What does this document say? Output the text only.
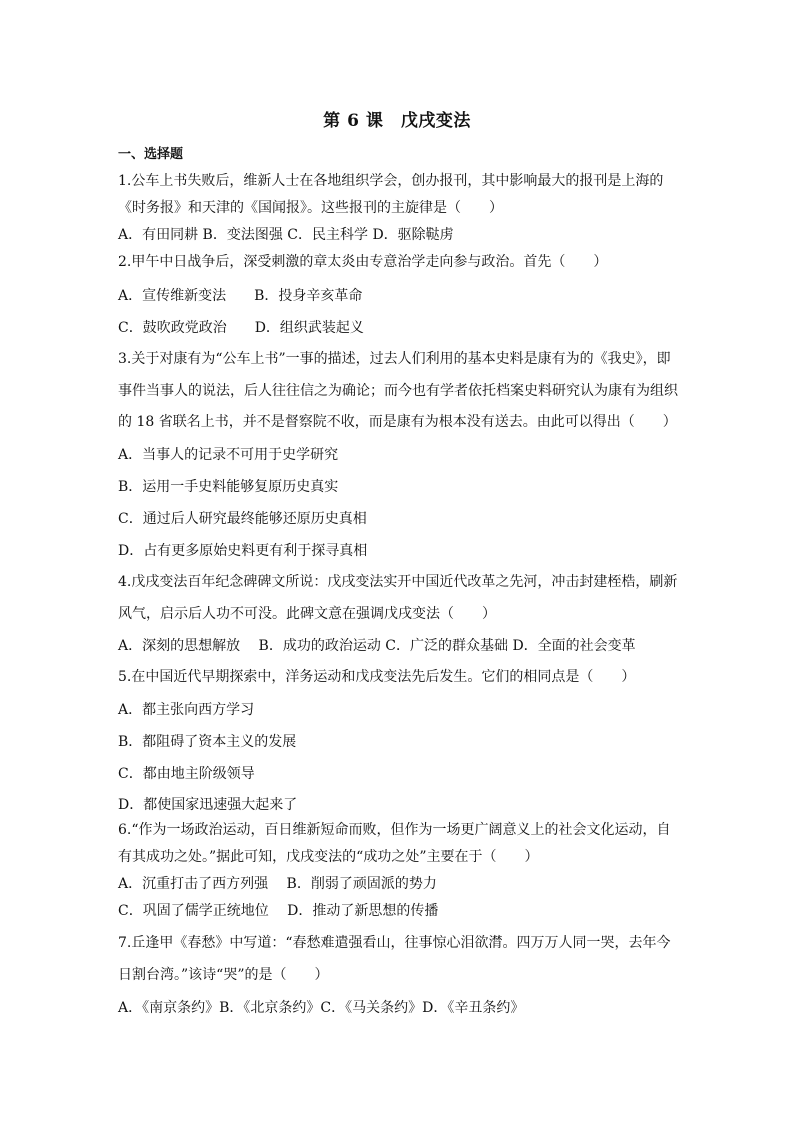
第 6 课　戊戌变法
一、选择题
1.公车上书失败后，维新人士在各地组织学会，创办报刊，其中影响最大的报刊是上海的
《时务报》和天津的《国闻报》。这些报刊的主旋律是（　　）
A．有田同耕 B．变法图强 C．民主科学 D．驱除鞑虏
2.甲午中日战争后，深受刺激的章太炎由专意治学走向参与政治。首先（　　）
A．宣传维新变法　　B．投身辛亥革命
C．鼓吹政党政治　　D．组织武装起义
3.关于对康有为“公车上书”一事的描述，过去人们利用的基本史料是康有为的《我史》，即
事件当事人的说法，后人往往信之为确论；而今也有学者依托档案史料研究认为康有为组织
的 18 省联名上书，并不是督察院不收，而是康有为根本没有送去。由此可以得出（　　）
A．当事人的记录不可用于史学研究
B．运用一手史料能够复原历史真实
C．通过后人研究最终能够还原历史真相
D．占有更多原始史料更有利于探寻真相
4.戊戌变法百年纪念碑碑文所说：戊戌变法实开中国近代改革之先河，冲击封建桎梏，刷新
风气，启示后人功不可没。此碑文意在强调戊戌变法（　　）
A．深刻的思想解放　 B．成功的政治运动 C．广泛的群众基础 D．全面的社会变革
5.在中国近代早期探索中，洋务运动和戊戌变法先后发生。它们的相同点是（　　）
A．都主张向西方学习
B．都阻碍了资本主义的发展
C．都由地主阶级领导
D．都使国家迅速强大起来了
6.“作为一场政治运动，百日维新短命而败，但作为一场更广阔意义上的社会文化运动，自
有其成功之处。”据此可知，戊戌变法的“成功之处”主要在于（　　）
A．沉重打击了西方列强　 B．削弱了顽固派的势力
C．巩固了儒学正统地位　 D．推动了新思想的传播
7.丘逢甲《春愁》中写道：“春愁难遣强看山，往事惊心泪欲潸。四万万人同一哭，去年今
日割台湾。”该诗“哭”的是（　　）
A．《南京条约》B．《北京条约》C．《马关条约》D．《辛丑条约》
